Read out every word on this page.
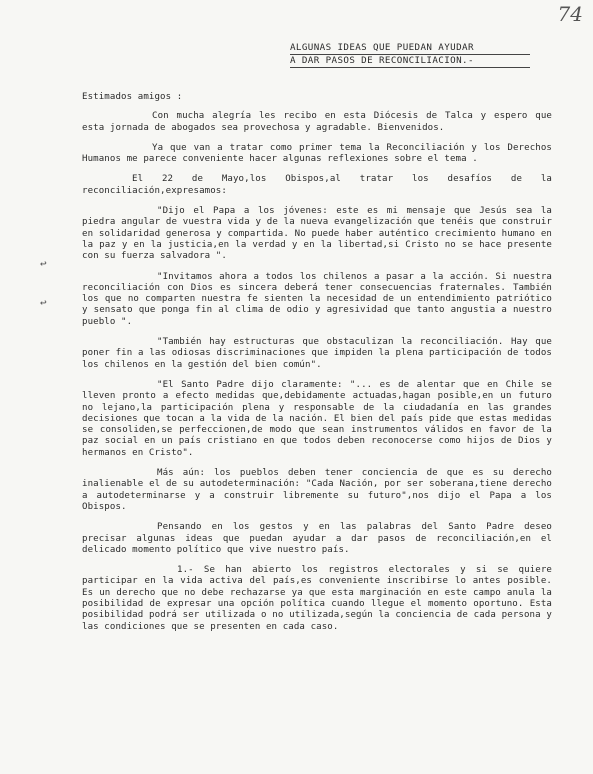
74
ALGUNAS IDEAS QUE PUEDAN AYUDAR
A DAR PASOS DE RECONCILIACION.-
↩
↩

Estimados amigos :

Con mucha alegría les recibo en esta Diócesis de Talca y espero que esta jornada de abogados sea provechosa y agradable. Bienvenidos.

Ya que van a tratar como primer tema la Reconciliación y los Derechos Humanos me parece conveniente hacer algunas reflexiones sobre el tema .

El 22 de Mayo,los Obispos,al tratar los desafíos de la reconciliación,expresamos:

"Dijo el Papa a los jóvenes: este es mi mensaje que Jesús sea la piedra angular de vuestra vida y de la nueva evangelización que tenéis que construir en solidaridad generosa y compartida. No puede haber auténtico crecimiento humano en la paz y en la justicia,en la verdad y en la libertad,si Cristo no se hace presente con su fuerza salvadora ".

"Invitamos ahora a todos los chilenos a pasar a la acción. Si nuestra reconciliación con Dios es sincera deberá tener consecuencias fraternales. También los que no comparten nuestra fe sienten la necesidad de un entendimiento patriótico y sensato que ponga fin al clima de odio y agresividad que tanto angustia a nuestro pueblo ".

"También hay estructuras que obstaculizan la reconciliación. Hay que poner fin a las odiosas discriminaciones que impiden la plena participación de todos los chilenos en la gestión del bien común".

"El Santo Padre dijo claramente: "... es de alentar que en Chile se lleven pronto a efecto medidas que,debidamente actuadas,hagan posible,en un futuro no lejano,la participación plena y responsable de la ciudadanía en las grandes decisiones que tocan a la vida de la nación. El bien del país pide que estas medidas se consoliden,se perfeccionen,de modo que sean instrumentos válidos en favor de la paz social en un país cristiano en que todos deben reconocerse como hijos de Dios y hermanos en Cristo".

Más aún: los pueblos deben tener conciencia de que es su derecho inalienable el de su autodeterminación: "Cada Nación, por ser soberana,tiene derecho a autodeterminarse y a construir libremente su futuro",nos dijo el Papa a los Obispos.

Pensando en los gestos y en las palabras del Santo Padre deseo precisar algunas ideas que puedan ayudar a dar pasos de reconciliación,en el delicado momento político que vive nuestro país.

1.- Se han abierto los registros electorales y si se quiere participar en la vida activa del país,es conveniente inscribirse lo antes posible. Es un derecho que no debe rechazarse ya que esta marginación en este campo anula la posibilidad de expresar una opción política cuando llegue el momento oportuno. Esta posibilidad podrá ser utilizada o no utilizada,según la conciencia de cada persona y las condiciones que se presenten en cada caso.
